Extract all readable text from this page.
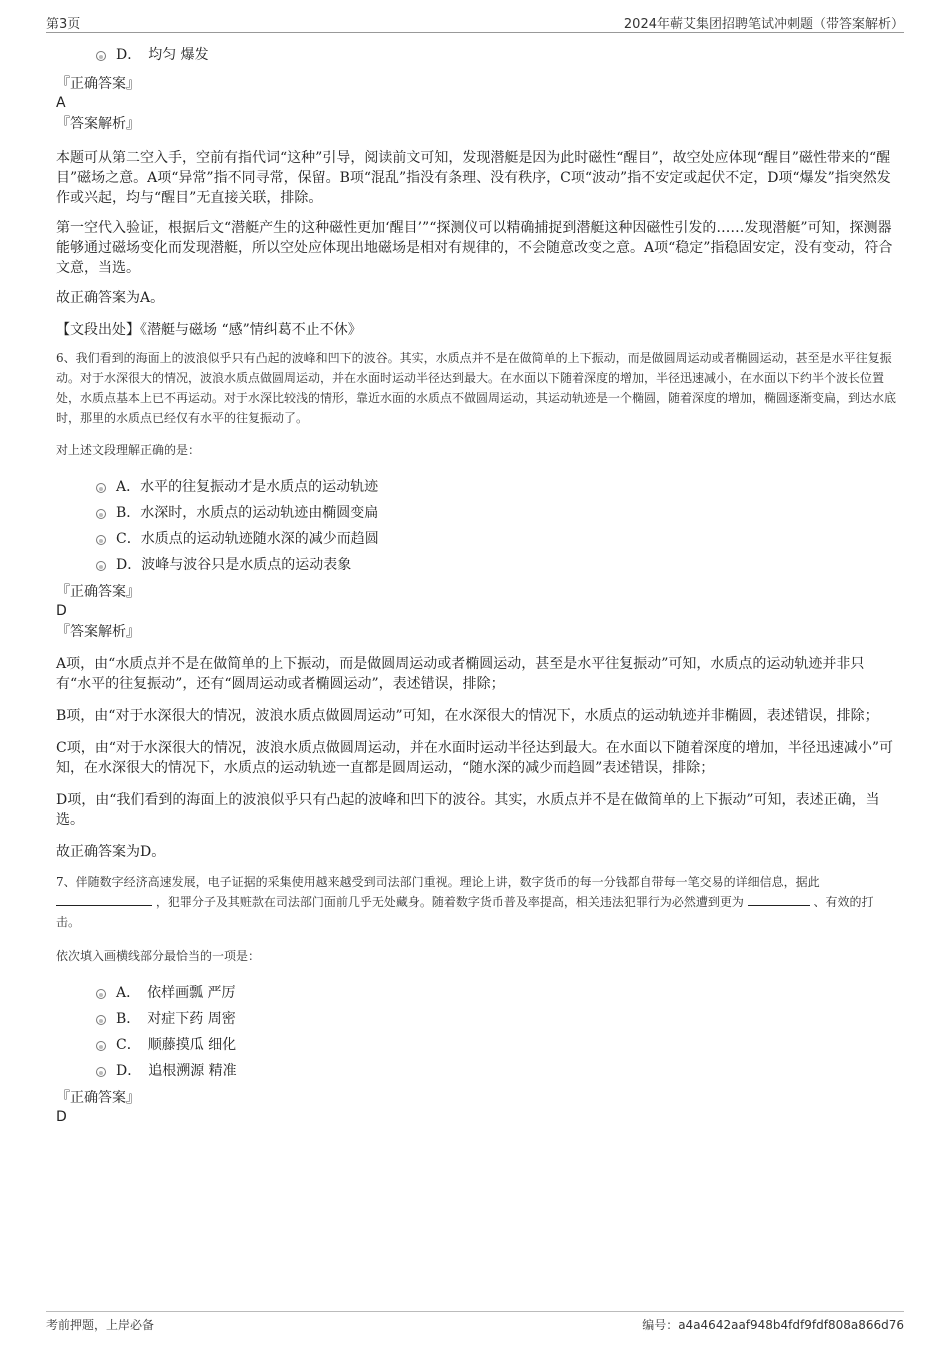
第3页	2024年蕲艾集团招聘笔试冲刺题（带答案解析）
D．　均匀 爆发
『正确答案』
A
『答案解析』

本题可从第二空入手，空前有指代词“这种”引导，阅读前文可知，发现潜艇是因为此时磁性“醒目”，故空处应体现“醒目”磁性带来的“醒目”磁场之意。A项“异常”指不同寻常，保留。B项“混乱”指没有条理、没有秩序，C项“波动”指不安定或起伏不定，D项“爆发”指突然发作或兴起，均与“醒目”无直接关联，排除。

第一空代入验证，根据后文“潜艇产生的这种磁性更加‘醒目’”“探测仪可以精确捕捉到潜艇这种因磁性引发的……发现潜艇”可知，探测器能够通过磁场变化而发现潜艇，所以空处应体现出地磁场是相对有规律的，不会随意改变之意。A项“稳定”指稳固安定，没有变动，符合文意，当选。

故正确答案为A。

【文段出处】《潜艇与磁场 “感”情纠葛不止不休》

6、我们看到的海面上的波浪似乎只有凸起的波峰和凹下的波谷。其实，水质点并不是在做简单的上下振动，而是做圆周运动或者椭圆运动，甚至是水平往复振动。对于水深很大的情况，波浪水质点做圆周运动，并在水面时运动半径达到最大。在水面以下随着深度的增加，半径迅速减小，在水面以下约半个波长位置处，水质点基本上已不再运动。对于水深比较浅的情形，靠近水面的水质点不做圆周运动，其运动轨迹是一个椭圆，随着深度的增加，椭圆逐渐变扁，到达水底时，那里的水质点已经仅有水平的往复振动了。
对上述文段理解正确的是：
A．水平的往复振动才是水质点的运动轨迹
B．水深时，水质点的运动轨迹由椭圆变扁
C．水质点的运动轨迹随水深的减少而趋圆
D．波峰与波谷只是水质点的运动表象
『正确答案』
D
『答案解析』

A项，由“水质点并不是在做简单的上下振动，而是做圆周运动或者椭圆运动，甚至是水平往复振动”可知，水质点的运动轨迹并非只有“水平的往复振动”，还有“圆周运动或者椭圆运动”，表述错误，排除；

B项，由“对于水深很大的情况，波浪水质点做圆周运动”可知，在水深很大的情况下，水质点的运动轨迹并非椭圆，表述错误，排除；

C项，由“对于水深很大的情况，波浪水质点做圆周运动，并在水面时运动半径达到最大。在水面以下随着深度的增加，半径迅速减小”可知，在水深很大的情况下，水质点的运动轨迹一直都是圆周运动，“随水深的减少而趋圆”表述错误，排除；

D项，由“我们看到的海面上的波浪似乎只有凸起的波峰和凹下的波谷。其实，水质点并不是在做简单的上下振动”可知，表述正确，当选。

故正确答案为D。

7、伴随数字经济高速发展，电子证据的采集使用越来越受到司法部门重视。理论上讲，数字货币的每一分钱都自带每一笔交易的详细信息，据此  ，犯罪分子及其赃款在司法部门面前几乎无处藏身。随着数字货币普及率提高，相关违法犯罪行为必然遭到更为	、有效的打击。
依次填入画横线部分最恰当的一项是：
A．　依样画瓢 严厉
B．　对症下药 周密
C．　顺藤摸瓜 细化
D．　追根溯源 精准
『正确答案』
D
考前押题，上岸必备	编号：a4a4642aaf948b4fdf9fdf808a866d76
